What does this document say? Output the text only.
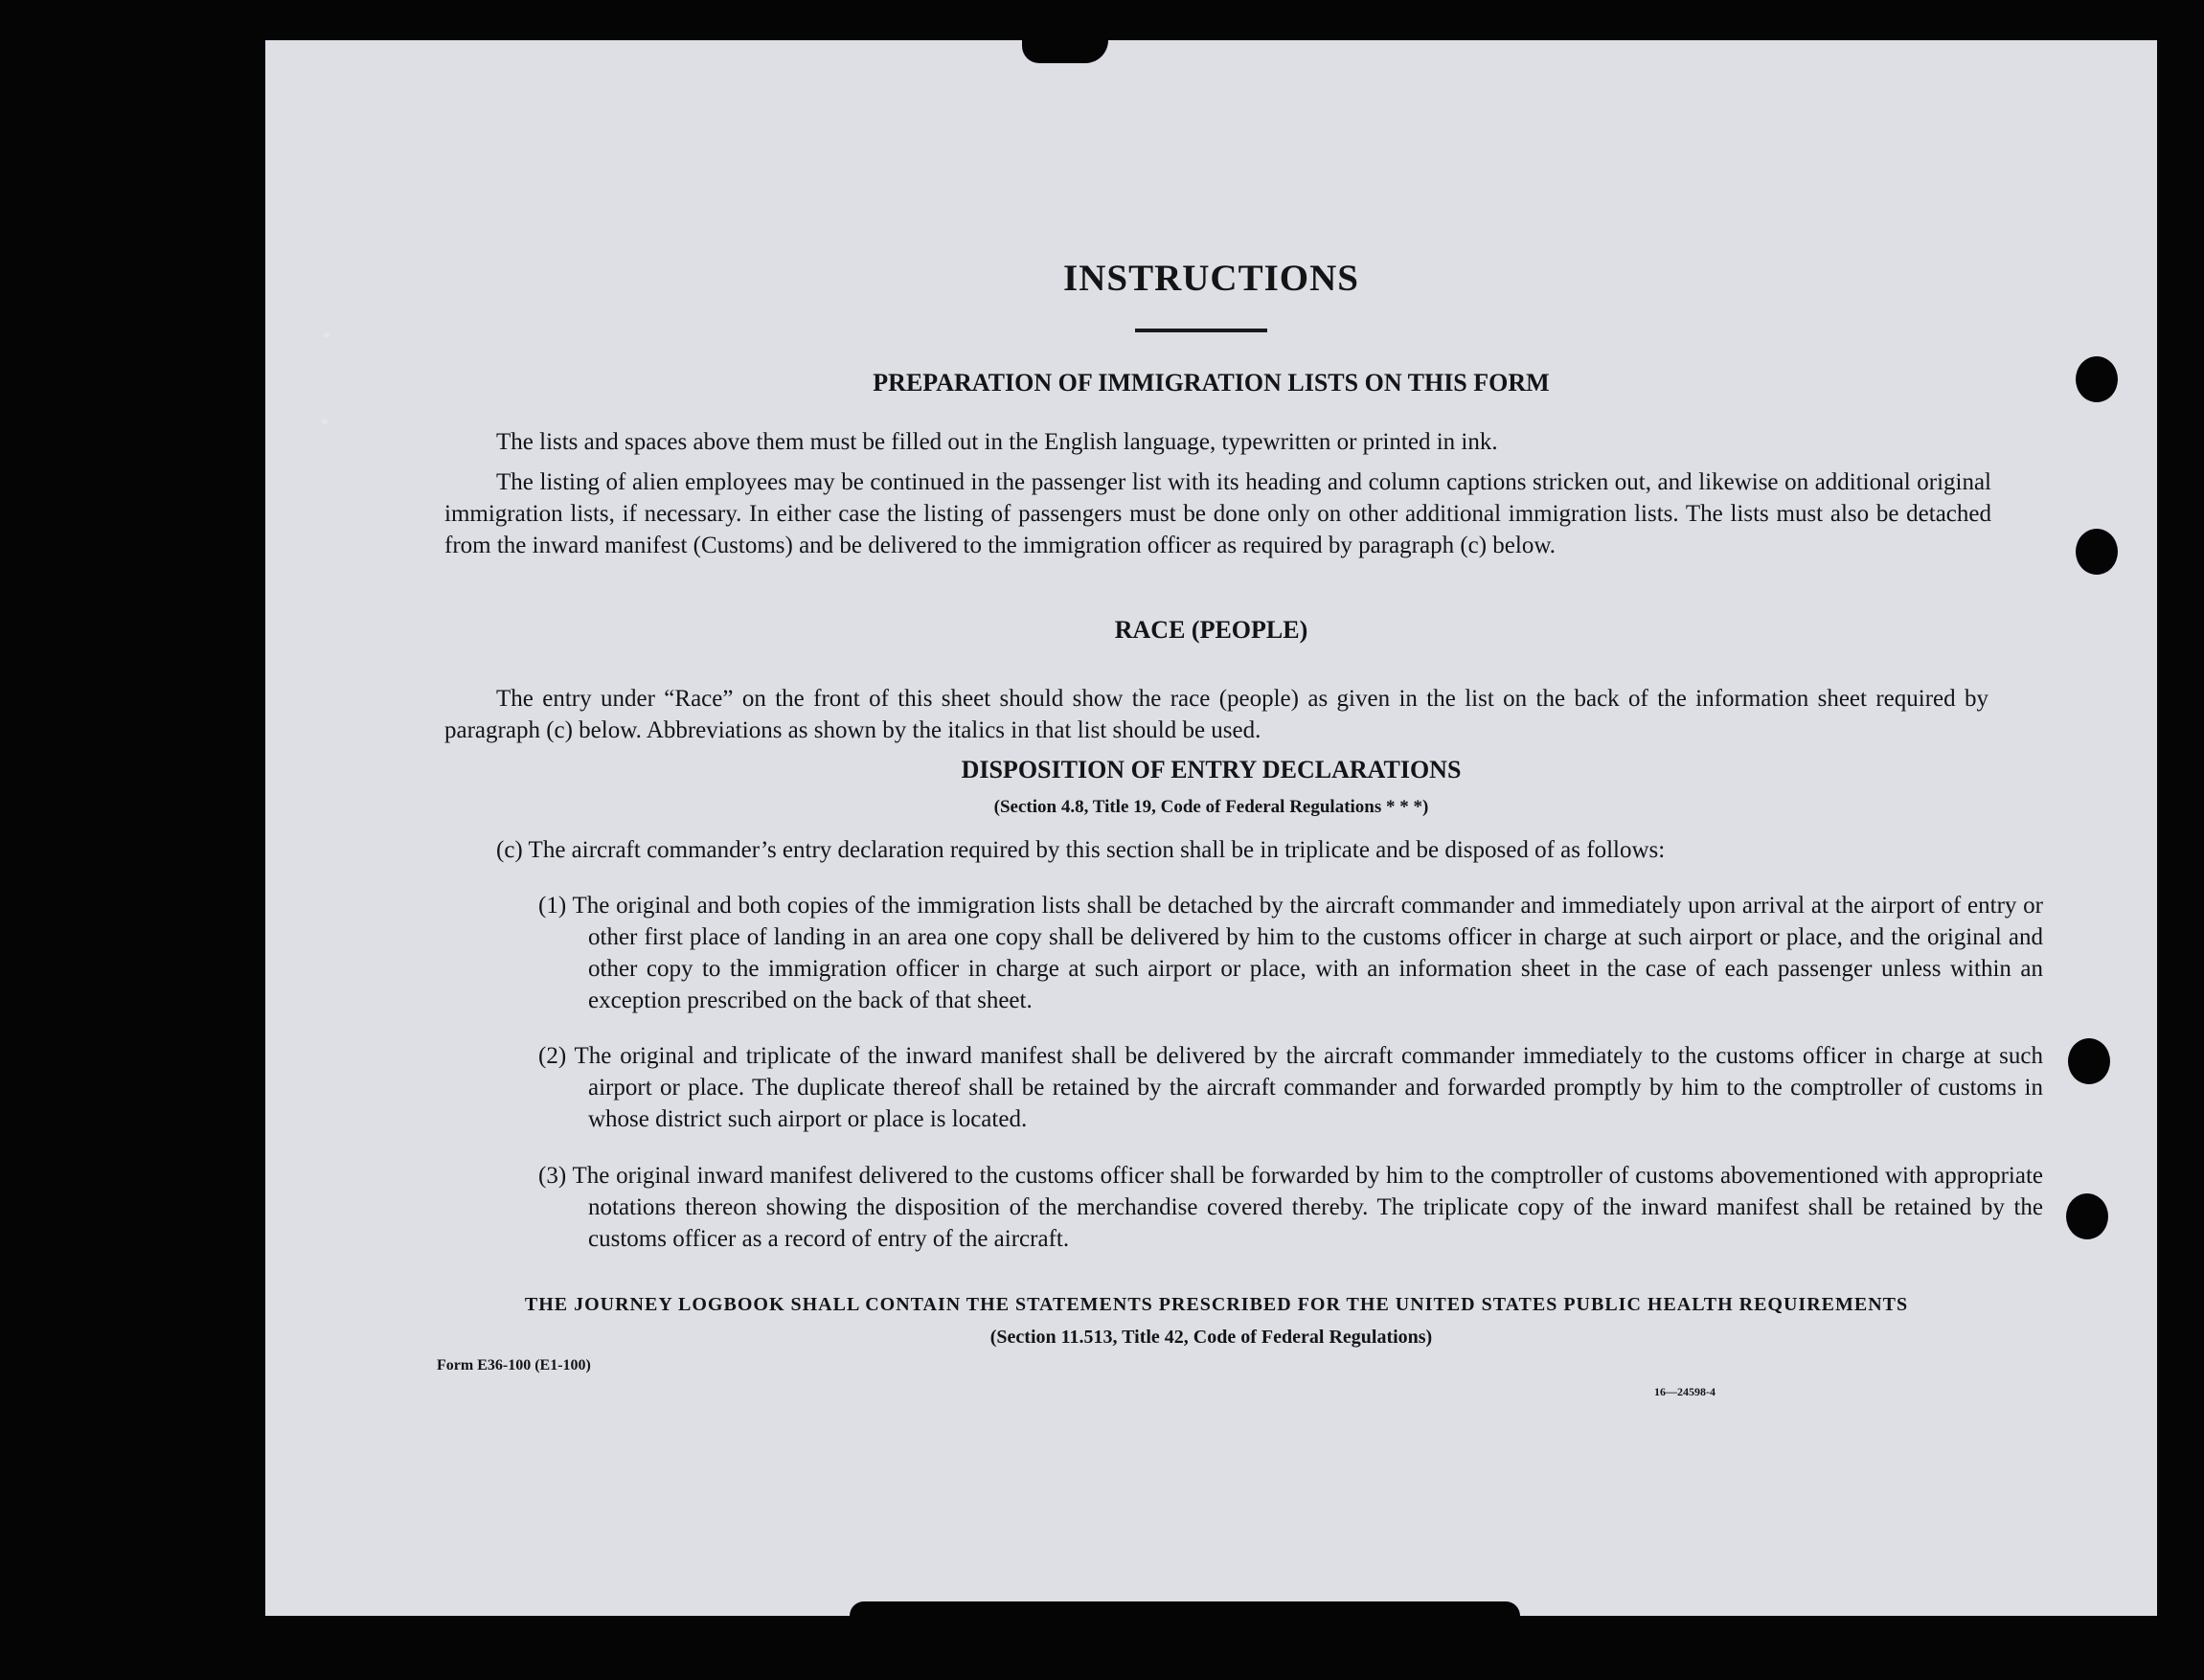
INSTRUCTIONS
PREPARATION OF IMMIGRATION LISTS ON THIS FORM
The lists and spaces above them must be filled out in the English language, typewritten or printed in ink.
The listing of alien employees may be continued in the passenger list with its heading and column captions stricken out, and likewise on additional original immigration lists, if necessary. In either case the listing of passengers must be done only on other additional immigration lists. The lists must also be detached from the inward manifest (Customs) and be delivered to the immigration officer as required by paragraph (c) below.
RACE (PEOPLE)
The entry under “Race” on the front of this sheet should show the race (people) as given in the list on the back of the information sheet required by paragraph (c) below. Abbreviations as shown by the italics in that list should be used.
DISPOSITION OF ENTRY DECLARATIONS
(Section 4.8, Title 19, Code of Federal Regulations * * *)
(c) The aircraft commander’s entry declaration required by this section shall be in triplicate and be disposed of as follows:
(1) The original and both copies of the immigration lists shall be detached by the aircraft commander and immediately upon arrival at the airport of entry or other first place of landing in an area one copy shall be delivered by him to the customs officer in charge at such airport or place, and the original and other copy to the immigration officer in charge at such airport or place, with an information sheet in the case of each passenger unless within an exception prescribed on the back of that sheet.
(2) The original and triplicate of the inward manifest shall be delivered by the aircraft commander immediately to the customs officer in charge at such airport or place. The duplicate thereof shall be retained by the aircraft commander and forwarded promptly by him to the comptroller of customs in whose district such airport or place is located.
(3) The original inward manifest delivered to the customs officer shall be forwarded by him to the comptroller of customs abovementioned with appropriate notations thereon showing the disposition of the merchandise covered thereby. The triplicate copy of the inward manifest shall be retained by the customs officer as a record of entry of the aircraft.
THE JOURNEY LOGBOOK SHALL CONTAIN THE STATEMENTS PRESCRIBED FOR THE UNITED STATES PUBLIC HEALTH REQUIREMENTS
(Section 11.513, Title 42, Code of Federal Regulations)
Form E36-100 (E1-100)
16—24598-4
